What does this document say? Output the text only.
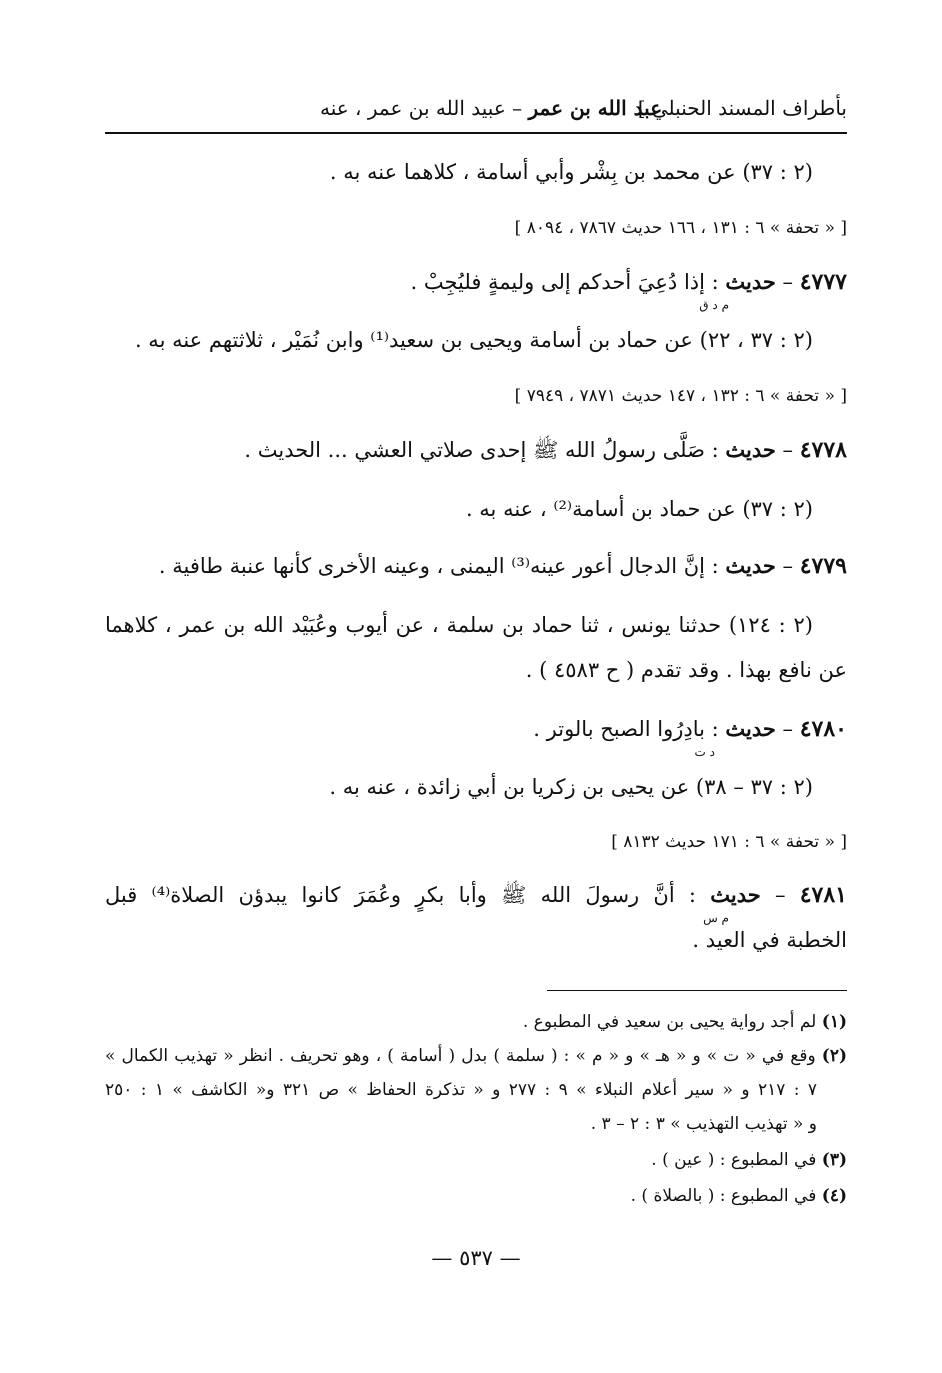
بأطراف المسند الحنبلي ]
عبد الله بن عمر – عبيد الله بن عمر ، عنه
(٢ : ٣٧) عن محمد بن بِشْر وأبي أسامة ، كلاهما عنه به .
[ « تحفة » ٦ : ١٣١ ، ١٦٦ حديث ٧٨٦٧ ، ٨٠٩٤ ]
٤٧٧٧ – حديث : إذا دُعِيَ أحدكم إلى وليمةٍ فليُجِبْ .
م د ق
(٢ : ٣٧ ، ٢٢) عن حماد بن أسامة ويحيى بن سعيد⁽¹⁾ وابن نُمَيْر ، ثلاثتهم عنه به .
[ « تحفة » ٦ : ١٣٢ ، ١٤٧ حديث ٧٨٧١ ، ٧٩٤٩ ]
٤٧٧٨ – حديث : صَلَّى رسولُ الله ﷺ إحدى صلاتي العشي ... الحديث .
(٢ : ٣٧) عن حماد بن أسامة⁽²⁾ ، عنه به .
٤٧٧٩ – حديث : إنَّ الدجال أعور عينه⁽³⁾ اليمنى ، وعينه الأخرى كأنها عنبة طافية .
(٢ : ١٢٤) حدثنا يونس ، ثنا حماد بن سلمة ، عن أيوب وعُبَيْد الله بن عمر ، كلاهما
عن نافع بهذا . وقد تقدم ( ح ٤٥٨٣ ) .
٤٧٨٠ – حديث : بادِرُوا الصبح بالوتر .
د ت
(٢ : ٣٧ – ٣٨) عن يحيى بن زكريا بن أبي زائدة ، عنه به .
[ « تحفة » ٦ : ١٧١ حديث ٨١٣٢ ]
٤٧٨١ – حديث : أنَّ رسولَ الله ﷺ وأبا بكرٍ وعُمَرَ كانوا يبدؤن الصلاة⁽⁴⁾ قبل
م س
الخطبة في العيد .
(١) لم أجد رواية يحيى بن سعيد في المطبوع .
(٢) وقع في « ت » و « هـ » و « م » : ( سلمة ) بدل ( أسامة ) ، وهو تحريف . انظر « تهذيب الكمال »
٧ : ٢١٧ و « سير أعلام النبلاء » ٩ : ٢٧٧ و « تذكرة الحفاظ » ص ٣٢١ و« الكاشف » ١ : ٢٥٠
و « تهذيب التهذيب » ٣ : ٢ – ٣ .
(٣) في المطبوع : ( عين ) .
(٤) في المطبوع : ( بالصلاة ) .
— ٥٣٧ —
